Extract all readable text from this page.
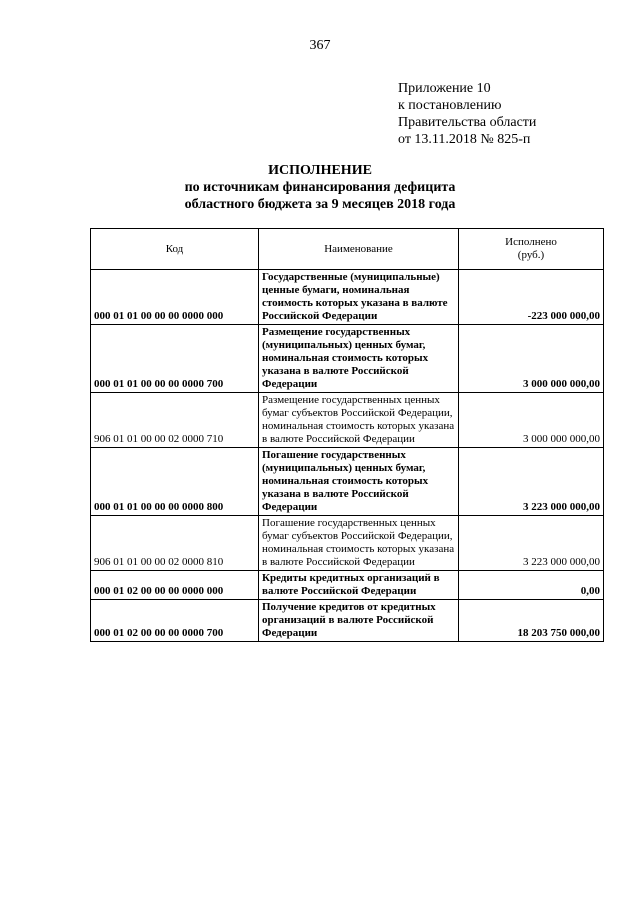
367
Приложение 10
к постановлению
Правительства области
от 13.11.2018 № 825-п
ИСПОЛНЕНИЕ
по источникам финансирования дефицита
областного бюджета за 9 месяцев 2018 года
Код	Наименование	Исполнено
(руб.)

000 01 01 00 00 00 0000 000	Государственные (муниципальные) ценные бумаги, номинальная стоимость которых указана в валюте Российской Федерации	-223 000 000,00
000 01 01 00 00 00 0000 700	Размещение государственных (муниципальных) ценных бумаг, номинальная стоимость которых указана в валюте Российской Федерации	3 000 000 000,00
906 01 01 00 00 02 0000 710	Размещение государственных ценных бумаг субъектов Российской Федерации, номинальная стоимость которых указана в валюте Российской Федерации	3 000 000 000,00
000 01 01 00 00 00 0000 800	Погашение государственных (муниципальных) ценных бумаг, номинальная стоимость которых указана в валюте Российской Федерации	3 223 000 000,00
906 01 01 00 00 02 0000 810	Погашение государственных ценных бумаг субъектов Российской Федерации, номинальная стоимость которых указана в валюте Российской Федерации	3 223 000 000,00
000 01 02 00 00 00 0000 000	Кредиты кредитных организаций в валюте Российской Федерации	0,00
000 01 02 00 00 00 0000 700	Получение кредитов от кредитных организаций в валюте Российской Федерации	18 203 750 000,00
